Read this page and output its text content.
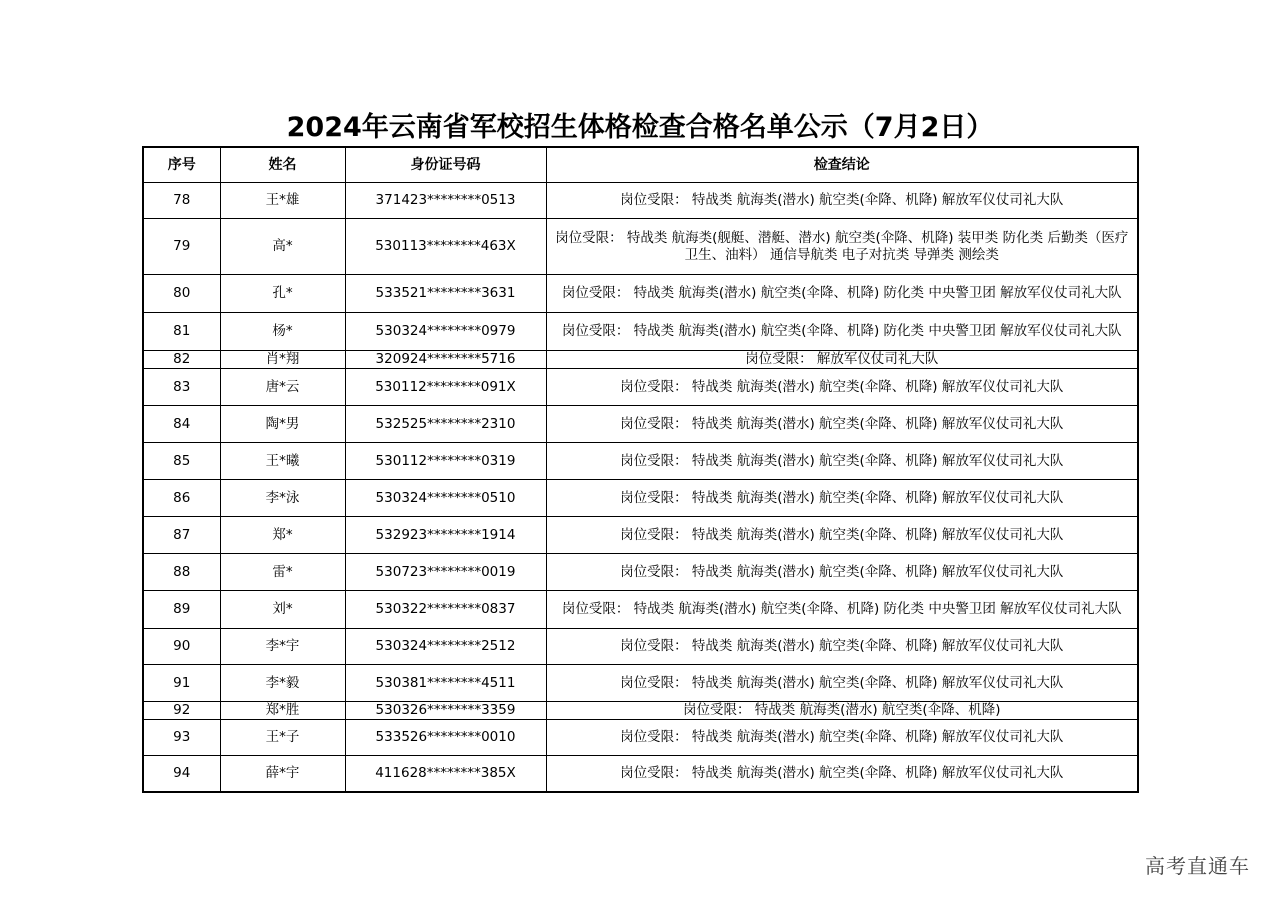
2024年云南省军校招生体格检查合格名单公示（7月2日）
序号	姓名	身份证号码	检查结论
78	王*雄	371423********0513	岗位受限： 特战类 航海类(潜水) 航空类(伞降、机降) 解放军仪仗司礼大队
79	高*	530113********463X	岗位受限： 特战类 航海类(舰艇、潜艇、潜水) 航空类(伞降、机降) 装甲类 防化类 后勤类（医疗卫生、油料） 通信导航类 电子对抗类 导弹类 测绘类
80	孔*	533521********3631	岗位受限： 特战类 航海类(潜水) 航空类(伞降、机降) 防化类 中央警卫团 解放军仪仗司礼大队
81	杨*	530324********0979	岗位受限： 特战类 航海类(潜水) 航空类(伞降、机降) 防化类 中央警卫团 解放军仪仗司礼大队
82	肖*翔	320924********5716	岗位受限： 解放军仪仗司礼大队
83	唐*云	530112********091X	岗位受限： 特战类 航海类(潜水) 航空类(伞降、机降) 解放军仪仗司礼大队
84	陶*男	532525********2310	岗位受限： 特战类 航海类(潜水) 航空类(伞降、机降) 解放军仪仗司礼大队
85	王*曦	530112********0319	岗位受限： 特战类 航海类(潜水) 航空类(伞降、机降) 解放军仪仗司礼大队
86	李*泳	530324********0510	岗位受限： 特战类 航海类(潜水) 航空类(伞降、机降) 解放军仪仗司礼大队
87	郑*	532923********1914	岗位受限： 特战类 航海类(潜水) 航空类(伞降、机降) 解放军仪仗司礼大队
88	雷*	530723********0019	岗位受限： 特战类 航海类(潜水) 航空类(伞降、机降) 解放军仪仗司礼大队
89	刘*	530322********0837	岗位受限： 特战类 航海类(潜水) 航空类(伞降、机降) 防化类 中央警卫团 解放军仪仗司礼大队
90	李*宇	530324********2512	岗位受限： 特战类 航海类(潜水) 航空类(伞降、机降) 解放军仪仗司礼大队
91	李*毅	530381********4511	岗位受限： 特战类 航海类(潜水) 航空类(伞降、机降) 解放军仪仗司礼大队
92	郑*胜	530326********3359	岗位受限： 特战类 航海类(潜水) 航空类(伞降、机降)
93	王*子	533526********0010	岗位受限： 特战类 航海类(潜水) 航空类(伞降、机降) 解放军仪仗司礼大队
94	薛*宇	411628********385X	岗位受限： 特战类 航海类(潜水) 航空类(伞降、机降) 解放军仪仗司礼大队
高考直通车
